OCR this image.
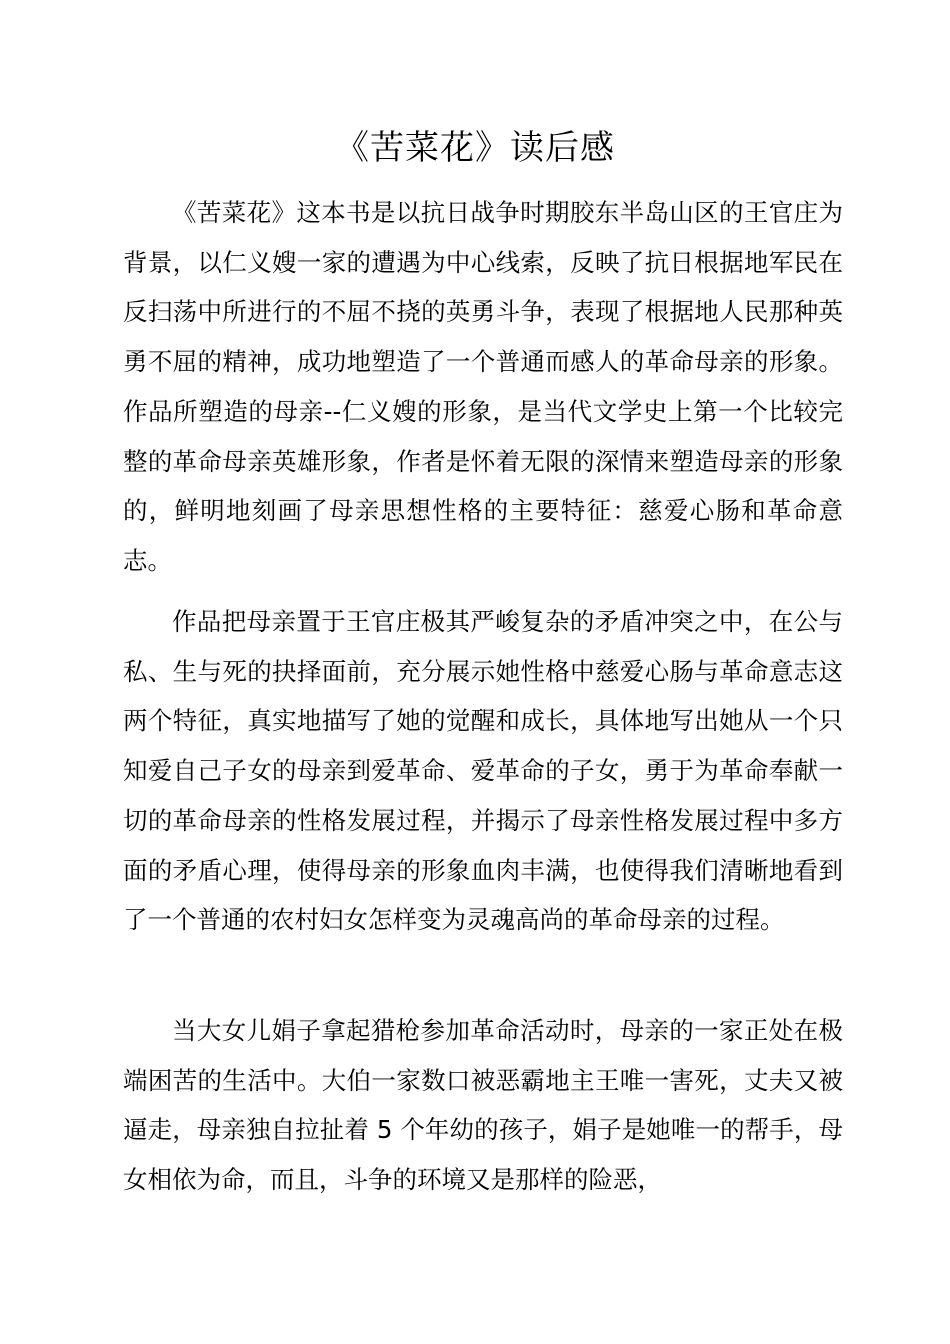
《苦菜花》读后感

《苦菜花》这本书是以抗日战争时期胶东半岛山区的王官庄为背景，以仁义嫂一家的遭遇为中心线索，反映了抗日根据地军民在反扫荡中所进行的不屈不挠的英勇斗争，表现了根据地人民那种英勇不屈的精神，成功地塑造了一个普通而感人的革命母亲的形象。作品所塑造的母亲--仁义嫂的形象，是当代文学史上第一个比较完整的革命母亲英雄形象，作者是怀着无限的深情来塑造母亲的形象的，鲜明地刻画了母亲思想性格的主要特征：慈爱心肠和革命意志。

作品把母亲置于王官庄极其严峻复杂的矛盾冲突之中，在公与私、生与死的抉择面前，充分展示她性格中慈爱心肠与革命意志这两个特征，真实地描写了她的觉醒和成长，具体地写出她从一个只知爱自己子女的母亲到爱革命、爱革命的子女，勇于为革命奉献一切的革命母亲的性格发展过程，并揭示了母亲性格发展过程中多方面的矛盾心理，使得母亲的形象血肉丰满，也使得我们清晰地看到了一个普通的农村妇女怎样变为灵魂高尚的革命母亲的过程。

当大女儿娟子拿起猎枪参加革命活动时，母亲的一家正处在极端困苦的生活中。大伯一家数口被恶霸地主王唯一害死，丈夫又被逼走，母亲独自拉扯着 5 个年幼的孩子，娟子是她唯一的帮手，母女相依为命，而且，斗争的环境又是那样的险恶，
